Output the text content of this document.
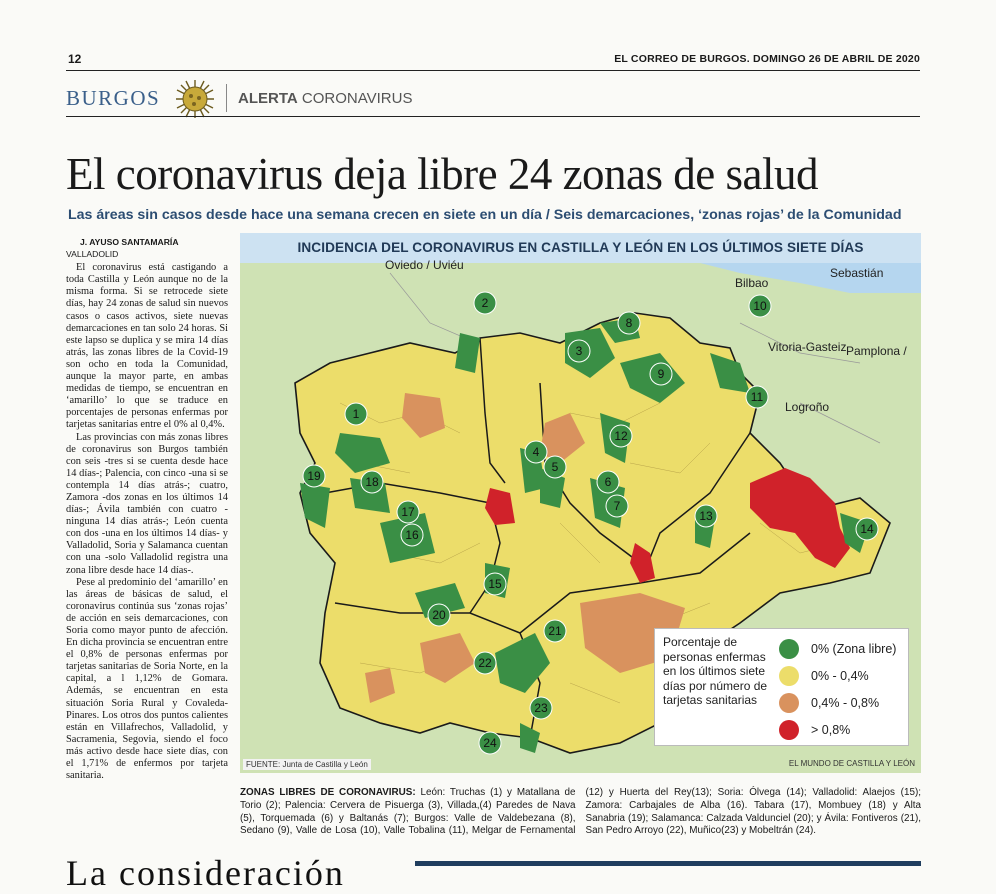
12	EL CORREO DE BURGOS. DOMINGO 26 DE ABRIL DE 2020
BURGOS	ALERTA CORONAVIRUS
El coronavirus deja libre 24 zonas de salud
Las áreas sin casos desde hace una semana crecen en siete en un día / Seis demarcaciones, ‘zonas rojas’ de la Comunidad
J. AYUSO SANTAMARÍA VALLADOLID

El coronavirus está castigando a toda Castilla y León aunque no de la misma forma. Si se retrocede siete días, hay 24 zonas de salud sin nuevos casos o casos activos, siete nuevas demarcaciones en tan solo 24 horas. Si este lapso se duplica y se mira 14 días atrás, las zonas libres de la Covid-19 son ocho en toda la Comunidad, aunque la mayor parte, en ambas medidas de tiempo, se encuentran en ‘amarillo’ lo que se traduce en porcentajes de personas enfermas por tarjetas sanitarias entre el 0% al 0,4%.

Las provincias con más zonas libres de coronavirus son Burgos también con seis -tres si se cuenta desde hace 14 días-; Palencia, con cinco -una si se contempla 14 días atrás-; cuatro, Zamora -dos zonas en los últimos 14 días-; Ávila también con cuatro -ninguna 14 días atrás-; León cuenta con dos -una en los últimos 14 días- y Valladolid, Soria y Salamanca cuentan con una -solo Valladolid registra una zona libre desde hace 14 días-.

Pese al predominio del ‘amarillo’ en las áreas de básicas de salud, el coronavirus continúa sus ‘zonas rojas’ de acción en seis demarcaciones, con Soria como mayor punto de afección. En dicha provincia se encuentran entre el 0,8% de personas enfermas por tarjetas sanitarias de Soria Norte, en la capital, a l 1,12% de Gomara. Además, se encuentran en esta situación Soria Rural y Covaleda-Pinares. Los otros dos puntos calientes están en Villafrechos, Valladolid, y Sacramenia, Segovia, siendo el foco más activo desde hace siete días, con el 1,71% de enfermos por tarjeta sanitaria.

INCIDENCIA DEL CORONAVIRUS EN CASTILLA Y LEÓN EN LOS ÚLTIMOS SIETE DÍAS
Oviedo / Uviéu
Bilbao
Sebastián
Vitoria-Gasteiz Pamplona /
Logroño
1
2
3
4
5
6
7
8
9
10
11
12
13
14
15
16
17
18
19
20
21
22
23
24
FUENTE: Junta de Castilla y León	EL MUNDO DE CASTILLA Y LEÓN
Porcentaje de personas enfermas en los últimos siete días por número de tarjetas sanitarias
0% (Zona libre)
0% - 0,4%
0,4% - 0,8%
> 0,8%
ZONAS LIBRES DE CORONAVIRUS: León: Truchas (1) y Matallana de Torio (2); Palencia: Cervera de Pisuerga (3), Villada,(4) Paredes de Nava (5), Torquemada (6) y Baltanás (7); Burgos: Valle de Valdebezana (8), Sedano (9), Valle de Losa (10), Valle Tobalina (11), Melgar de Fernamental (12) y Huerta del Rey(13); Soria: Ólvega (14); Valladolid: Alaejos (15); Zamora: Carbajales de Alba (16). Tabara (17), Mombuey (18) y Alta Sanabria (19); Salamanca: Calzada Valdunciel (20); y Ávila: Fontiveros (21), San Pedro Arroyo (22), Muñico(23) y Mobeltrán (24).
La consideración
